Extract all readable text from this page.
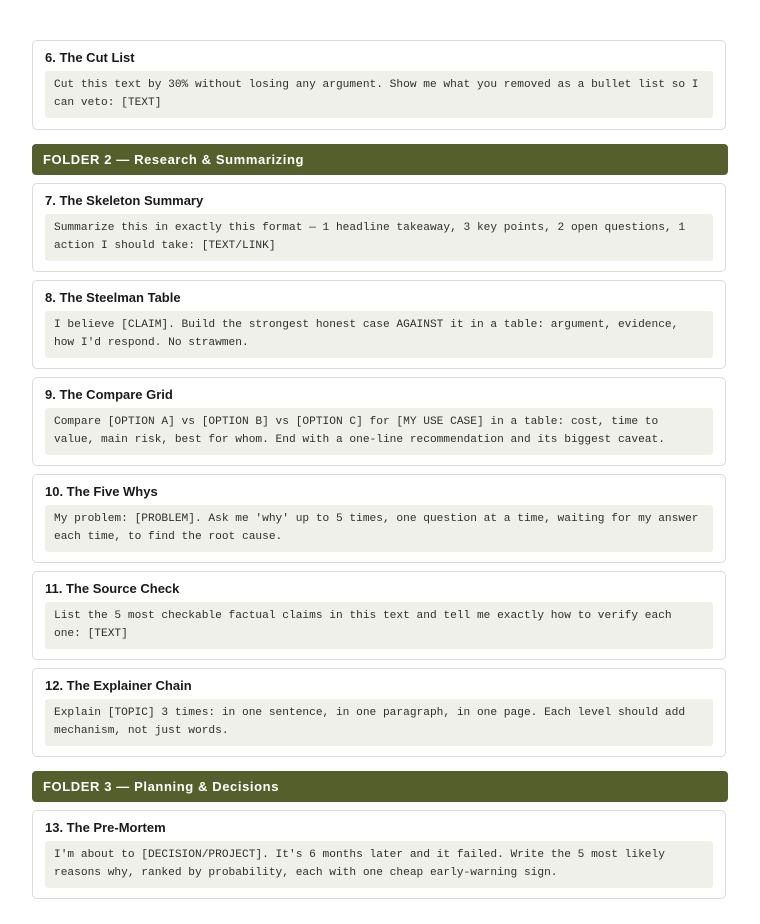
6. The Cut List
Cut this text by 30% without losing any argument. Show me what you removed as a bullet list so I can veto: [TEXT]
FOLDER 2 — Research & Summarizing
7. The Skeleton Summary
Summarize this in exactly this format — 1 headline takeaway, 3 key points, 2 open questions, 1 action I should take: [TEXT/LINK]
8. The Steelman Table
I believe [CLAIM]. Build the strongest honest case AGAINST it in a table: argument, evidence, how I'd respond. No strawmen.
9. The Compare Grid
Compare [OPTION A] vs [OPTION B] vs [OPTION C] for [MY USE CASE] in a table: cost, time to value, main risk, best for whom. End with a one-line recommendation and its biggest caveat.
10. The Five Whys
My problem: [PROBLEM]. Ask me 'why' up to 5 times, one question at a time, waiting for my answer each time, to find the root cause.
11. The Source Check
List the 5 most checkable factual claims in this text and tell me exactly how to verify each one: [TEXT]
12. The Explainer Chain
Explain [TOPIC] 3 times: in one sentence, in one paragraph, in one page. Each level should add mechanism, not just words.
FOLDER 3 — Planning & Decisions
13. The Pre-Mortem
I'm about to [DECISION/PROJECT]. It's 6 months later and it failed. Write the 5 most likely reasons why, ranked by probability, each with one cheap early-warning sign.
